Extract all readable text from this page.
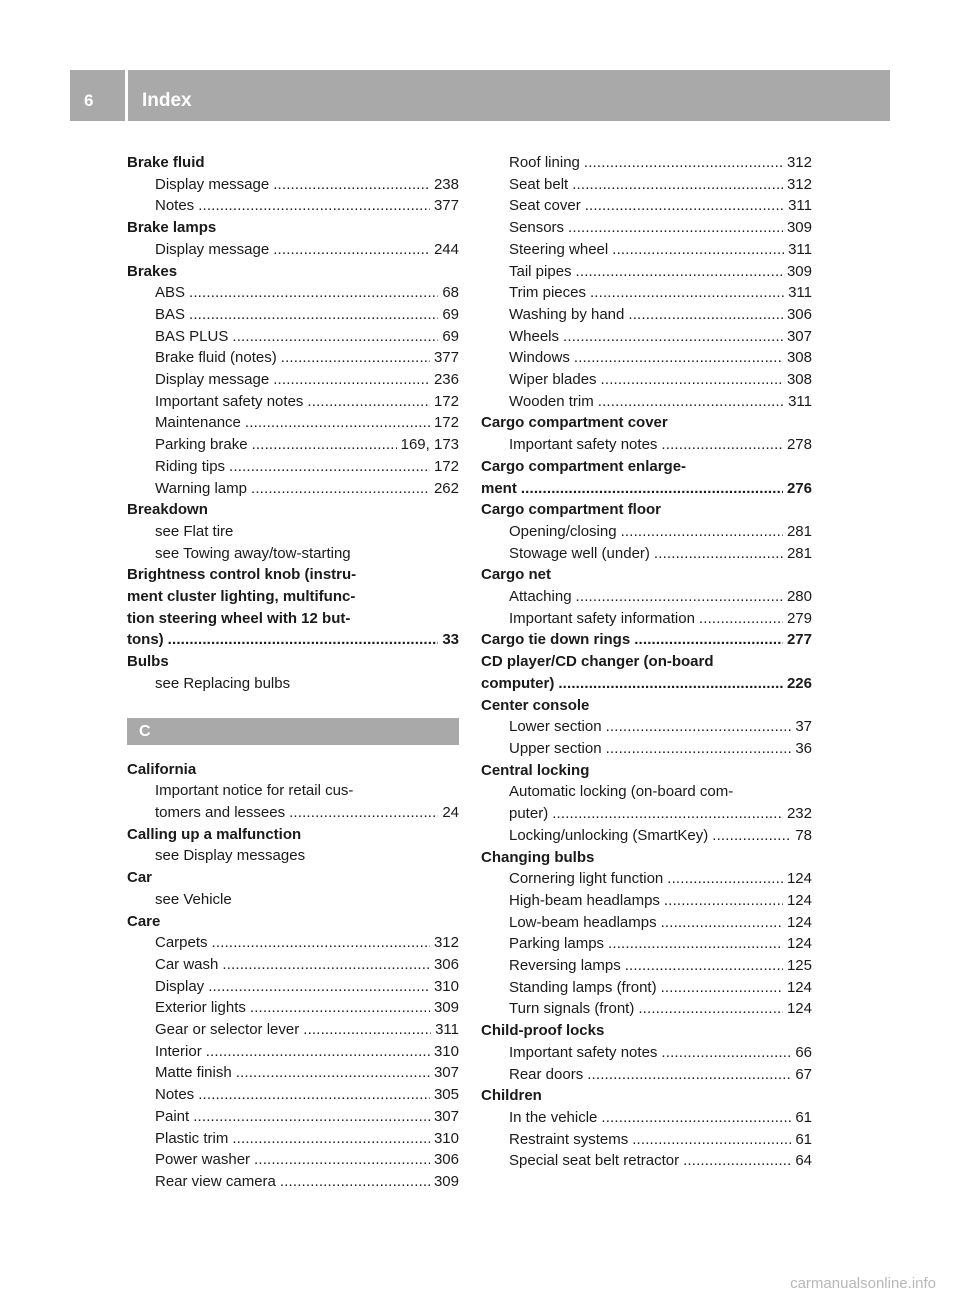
6	Index
Brake fluid
Display message . . .	238
Notes . . .	377
Brake lamps
Display message . . .	244
Brakes
ABS . . .	68
BAS . . .	69
BAS PLUS . . .	69
Brake fluid (notes) . . .	377
Display message . . .	236
Important safety notes . . .	172
Maintenance . . .	172
Parking brake . . .	169, 173
Riding tips . . .	172
Warning lamp . . .	262
Breakdown
see Flat tire
see Towing away/tow-starting
Brightness control knob (instru-
ment cluster lighting, multifunc-
tion steering wheel with 12 but-
tons) . . .	33
Bulbs
see Replacing bulbs
C
California
Important notice for retail cus-
tomers and lessees . . .	24
Calling up a malfunction
see Display messages
Car
see Vehicle
Care
Carpets . . .	312
Car wash . . .	306
Display . . .	310
Exterior lights . . .	309
Gear or selector lever . . .	311
Interior . . .	310
Matte finish . . .	307
Notes . . .	305
Paint . . .	307
Plastic trim . . .	310
Power washer . . .	306
Rear view camera . . .	309
Roof lining . . .	312
Seat belt . . .	312
Seat cover . . .	311
Sensors . . .	309
Steering wheel . . .	311
Tail pipes . . .	309
Trim pieces . . .	311
Washing by hand . . .	306
Wheels . . .	307
Windows . . .	308
Wiper blades . . .	308
Wooden trim . . .	311
Cargo compartment cover
Important safety notes . . .	278
Cargo compartment enlarge-
ment . . .	276
Cargo compartment floor
Opening/closing . . .	281
Stowage well (under) . . .	281
Cargo net
Attaching . . .	280
Important safety information . . .	279
Cargo tie down rings . . .	277
CD player/CD changer (on-board
computer) . . .	226
Center console
Lower section . . .	37
Upper section . . .	36
Central locking
Automatic locking (on-board com-
puter) . . .	232
Locking/unlocking (SmartKey) . . .	78
Changing bulbs
Cornering light function . . .	124
High-beam headlamps . . .	124
Low-beam headlamps . . .	124
Parking lamps . . .	124
Reversing lamps . . .	125
Standing lamps (front) . . .	124
Turn signals (front) . . .	124
Child-proof locks
Important safety notes . . .	66
Rear doors . . .	67
Children
In the vehicle . . .	61
Restraint systems . . .	61
Special seat belt retractor . . .	64
carmanualsonline.info
